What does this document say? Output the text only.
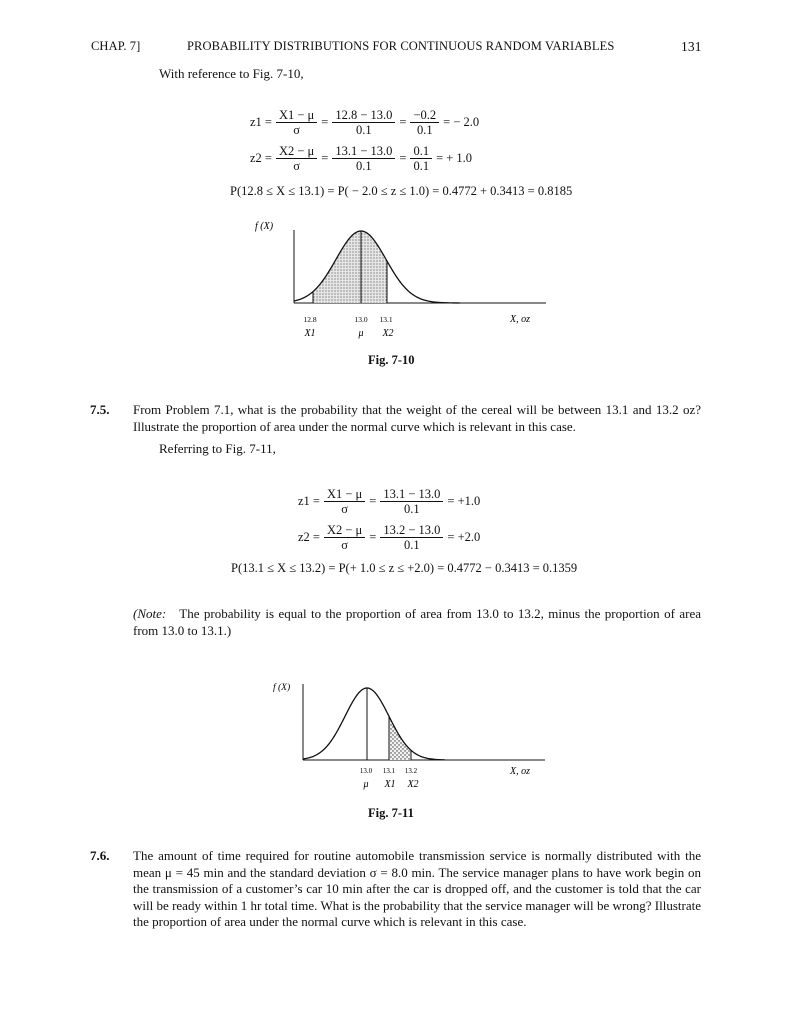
CHAP. 7]	PROBABILITY DISTRIBUTIONS FOR CONTINUOUS RANDOM VARIABLES	131
With reference to Fig. 7-10,
$z1 = \frac{X1 - \mu}{\sigma} = \frac{12.8 - 13.0}{0.1} = \frac{-0.2}{0.1}$ = − 2.0
$z2 = \frac{X2 - \mu}{\sigma} = \frac{13.1 - 13.0}{0.1} = \frac{0.1}{0.1}$ = + 1.0
P(12.8 ≤ X ≤ 13.1) = P( − 2.0 ≤ z ≤ 1.0) = 0.4772 + 0.3413 = 0.8185
f (X)
12.8	13.0 13.1
X1	μ X2
X, oz
Fig. 7-10
7.5. From Problem 7.1, what is the probability that the weight of the cereal will be between 13.1 and 13.2 oz? Illustrate the proportion of area under the normal curve which is relevant in this case.
Referring to Fig. 7-11,
$z1 = \frac{X1 - \mu}{\sigma} = \frac{13.1 - 13.0}{0.1} = +1.0$
$z2 = \frac{X2 - \mu}{\sigma} = \frac{13.2 - 13.0}{0.1} = +2.0$
P(13.1 ≤ X ≤ 13.2) = P(+ 1.0 ≤ z ≤ +2.0) = 0.4772 − 0.3413 = 0.1359
(Note: The probability is equal to the proportion of area from 13.0 to 13.2, minus the proportion of area from 13.0 to 13.1.)
f (X)
13.0 13.1 13.2
μ X1 X2
X, oz
Fig. 7-11
7.6. The amount of time required for routine automobile transmission service is normally distributed with the mean μ = 45 min and the standard deviation σ = 8.0 min. The service manager plans to have work begin on the transmission of a customer’s car 10 min after the car is dropped off, and the customer is told that the car will be ready within 1 hr total time. What is the probability that the service manager will be wrong? Illustrate the proportion of area under the normal curve which is relevant in this case.
